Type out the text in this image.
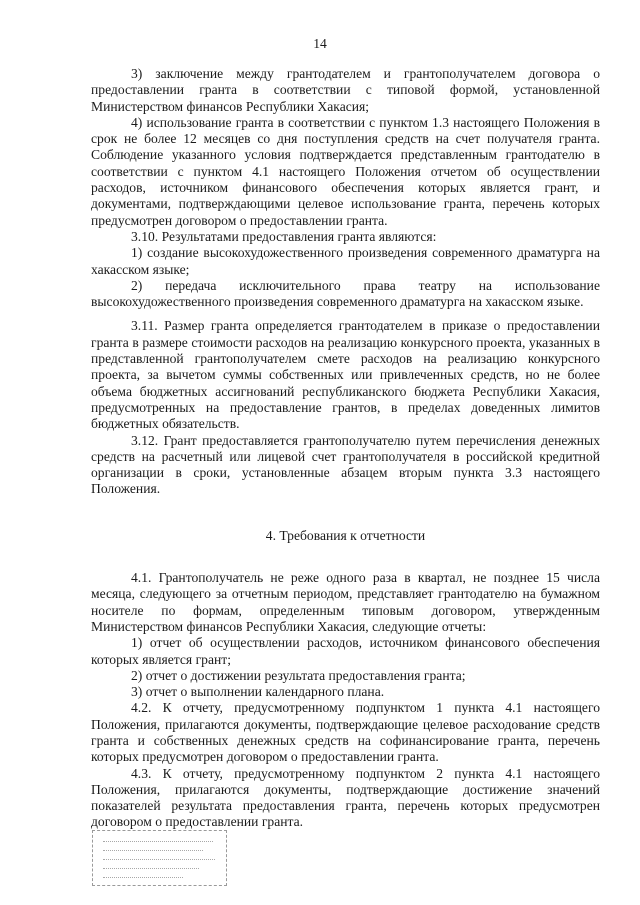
14

3) заключение между грантодателем и грантополучателем договора о предоставлении гранта в соответствии с типовой формой, установленной Министерством финансов Республики Хакасия;

4) использование гранта в соответствии с пунктом 1.3 настоящего Положения в срок не более 12 месяцев со дня поступления средств на счет получателя гранта. Соблюдение указанного условия подтверждается представленным грантодателю в соответствии с пунктом 4.1 настоящего Положения отчетом об осуществлении расходов, источником финансового обеспечения которых является грант, и документами, подтверждающими целевое использование гранта, перечень которых предусмотрен договором о предоставлении гранта.

3.10. Результатами предоставления гранта являются:

1) создание высокохудожественного произведения современного драматурга на хакасском языке;

2) передача исключительного права театру на использование высокохудожественного произведения современного драматурга на хакасском языке.

3.11. Размер гранта определяется грантодателем в приказе о предоставлении гранта в размере стоимости расходов на реализацию конкурсного проекта, указанных в представленной грантополучателем смете расходов на реализацию конкурсного проекта, за вычетом суммы собственных или привлеченных средств, но не более объема бюджетных ассигнований республиканского бюджета Республики Хакасия, предусмотренных на предоставление грантов, в пределах доведенных лимитов бюджетных обязательств.

3.12. Грант предоставляется грантополучателю путем перечисления денежных средств на расчетный или лицевой счет грантополучателя в российской кредитной организации в сроки, установленные абзацем вторым пункта 3.3 настоящего Положения.

4. Требования к отчетности

4.1. Грантополучатель не реже одного раза в квартал, не позднее 15 числа месяца, следующего за отчетным периодом, представляет грантодателю на бумажном носителе по формам, определенным типовым договором, утвержденным Министерством финансов Республики Хакасия, следующие отчеты:

1) отчет об осуществлении расходов, источником финансового обеспечения которых является грант;

2) отчет о достижении результата предоставления гранта;

3) отчет о выполнении календарного плана.

4.2. К отчету, предусмотренному подпунктом 1 пункта 4.1 настоящего Положения, прилагаются документы, подтверждающие целевое расходование средств гранта и собственных денежных средств на софинансирование гранта, перечень которых предусмотрен договором о предоставлении гранта.

4.3. К отчету, предусмотренному подпунктом 2 пункта 4.1 настоящего Положения, прилагаются документы, подтверждающие достижение значений показателей результата предоставления гранта, перечень которых предусмотрен договором о предоставлении гранта.
